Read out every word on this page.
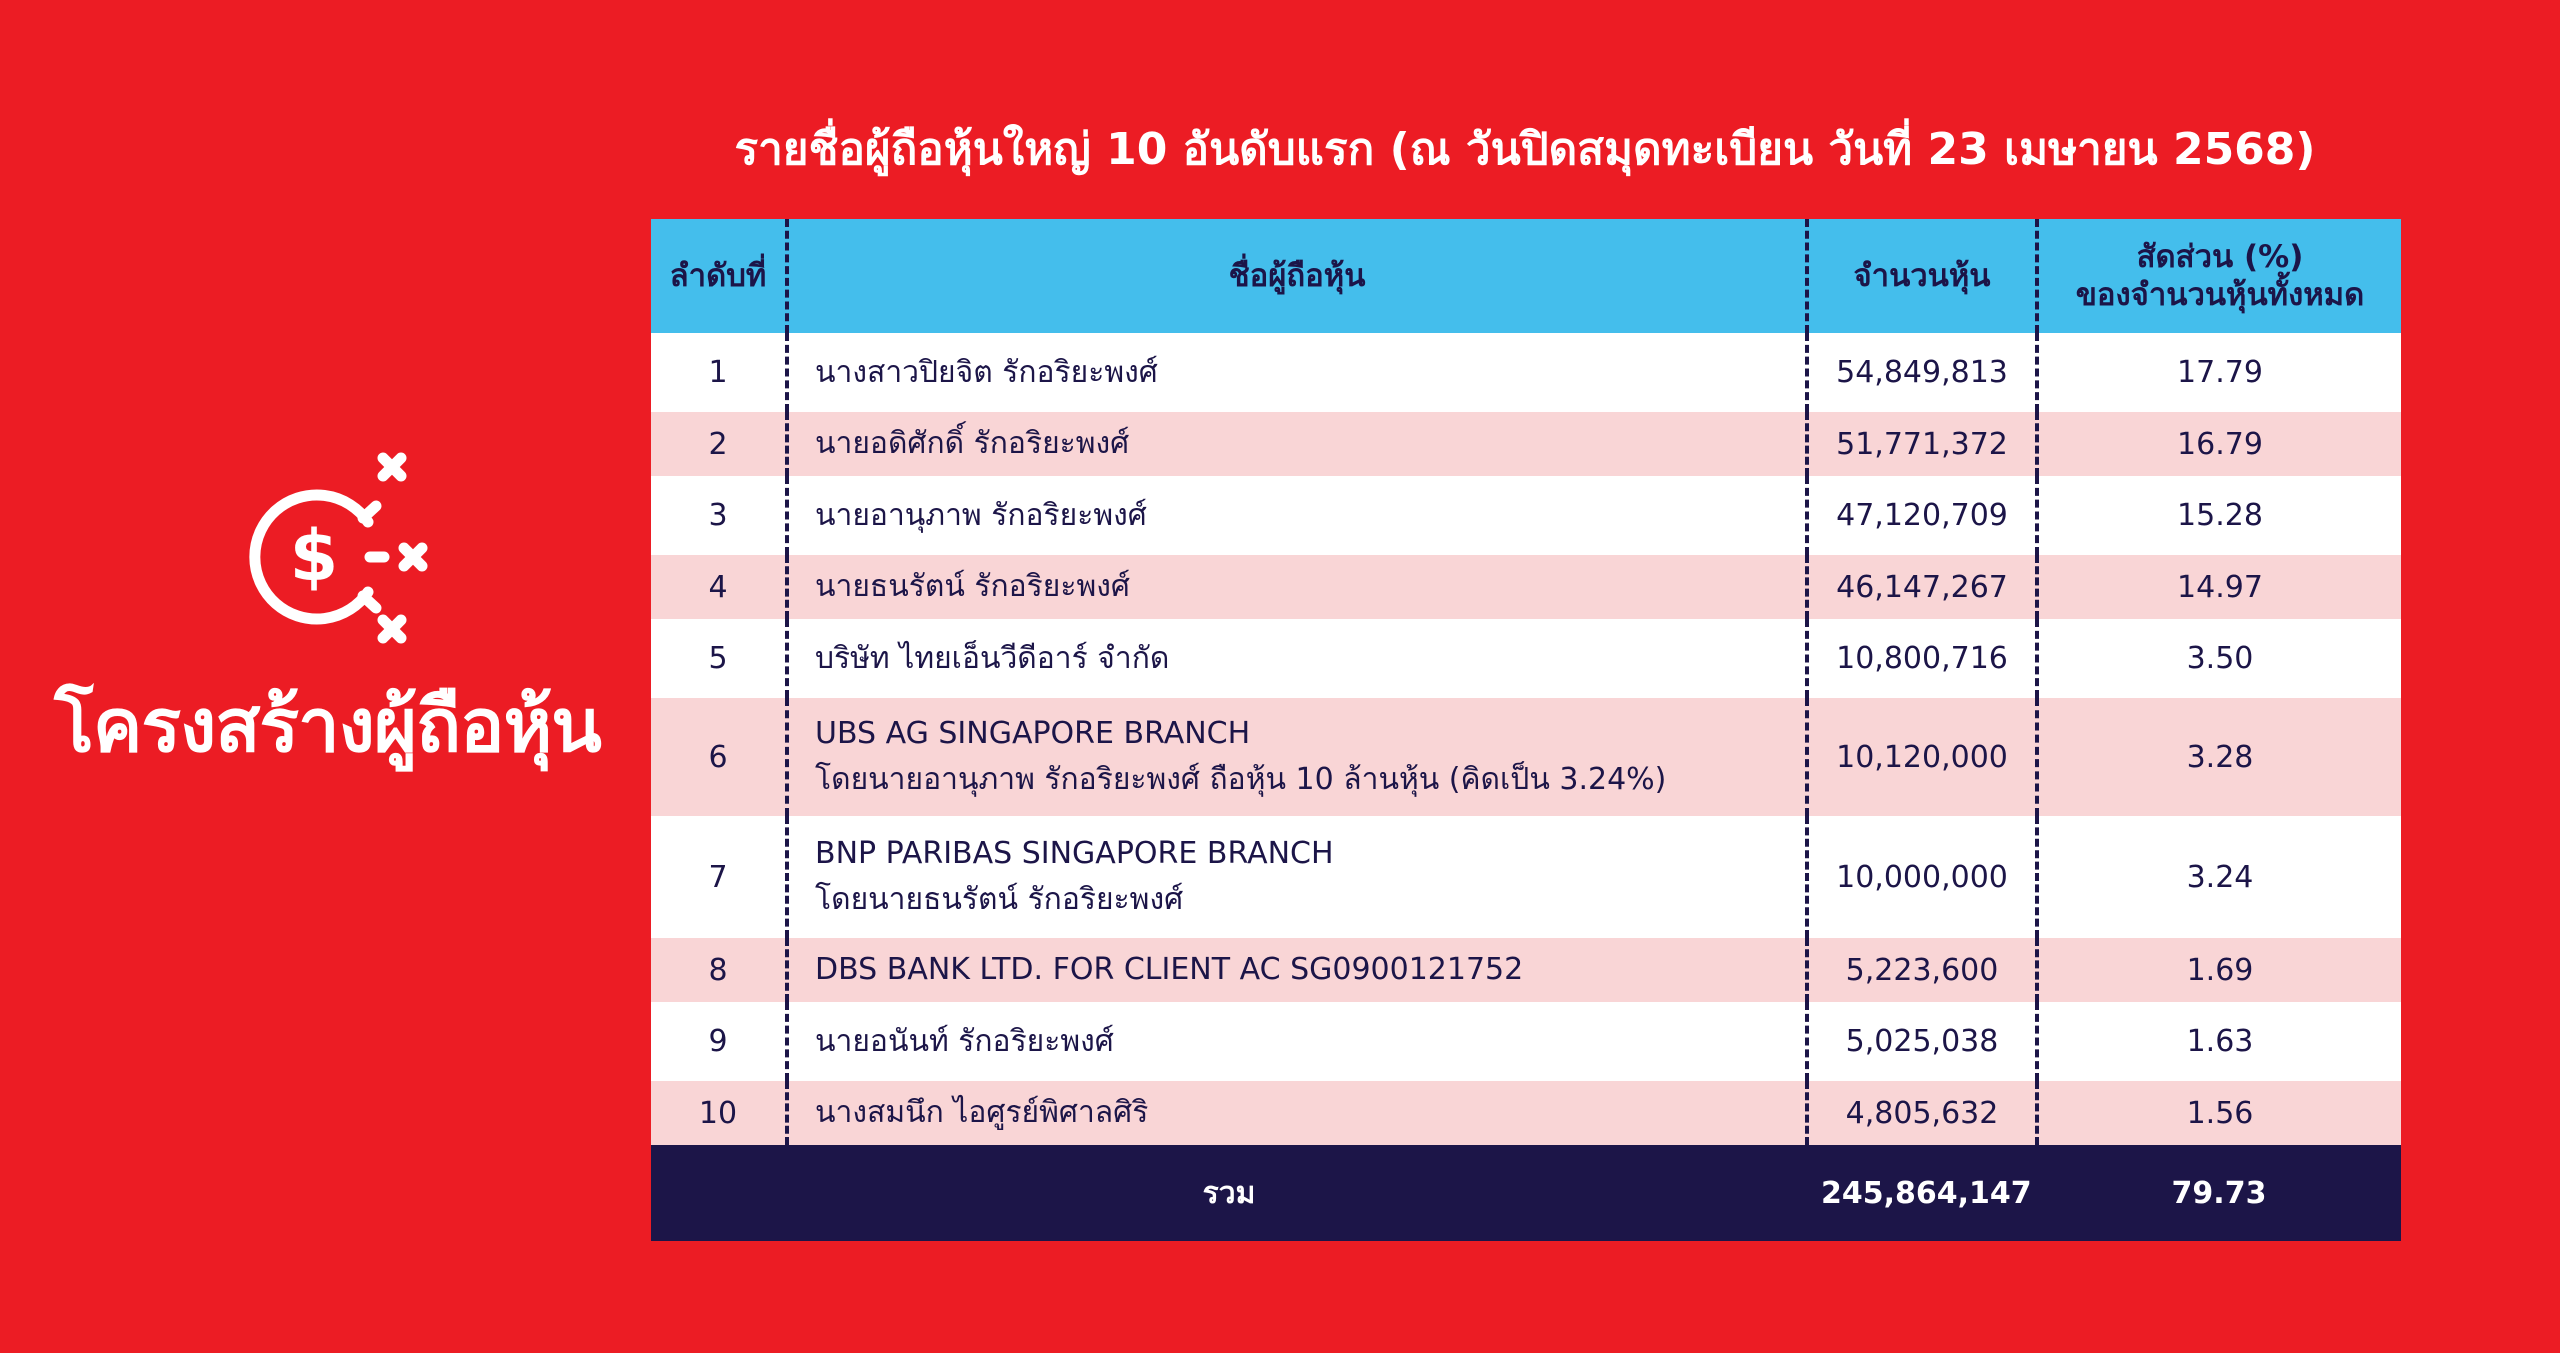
$
โครงสร้างผู้ถือหุ้น
รายชื่อผู้ถือหุ้นใหญ่ 10 อันดับแรก (ณ วันปิดสมุดทะเบียน วันที่ 23 เมษายน 2568)
ลำดับที่	ชื่อผู้ถือหุ้น	จำนวนหุ้น	สัดส่วน (%)
ของจำนวนหุ้นทั้งหมด

1	นางสาวปิยจิต รักอริยะพงศ์	54,849,813	17.79
2	นายอดิศักดิ์ รักอริยะพงศ์	51,771,372	16.79
3	นายอานุภาพ รักอริยะพงศ์	47,120,709	15.28
4	นายธนรัตน์ รักอริยะพงศ์	46,147,267	14.97
5	บริษัท ไทยเอ็นวีดีอาร์ จำกัด	10,800,716	3.50
6	UBS AG SINGAPORE BRANCH
โดยนายอานุภาพ รักอริยะพงศ์ ถือหุ้น 10 ล้านหุ้น (คิดเป็น 3.24%)	10,120,000	3.28
7	BNP PARIBAS SINGAPORE BRANCH
โดยนายธนรัตน์ รักอริยะพงศ์	10,000,000	3.24
8	DBS BANK LTD. FOR CLIENT AC SG0900121752	5,223,600	1.69
9	นายอนันท์ รักอริยะพงศ์	5,025,038	1.63
10	นางสมนึก ไอศูรย์พิศาลศิริ	4,805,632	1.56
รวม		245,864,147	79.73
